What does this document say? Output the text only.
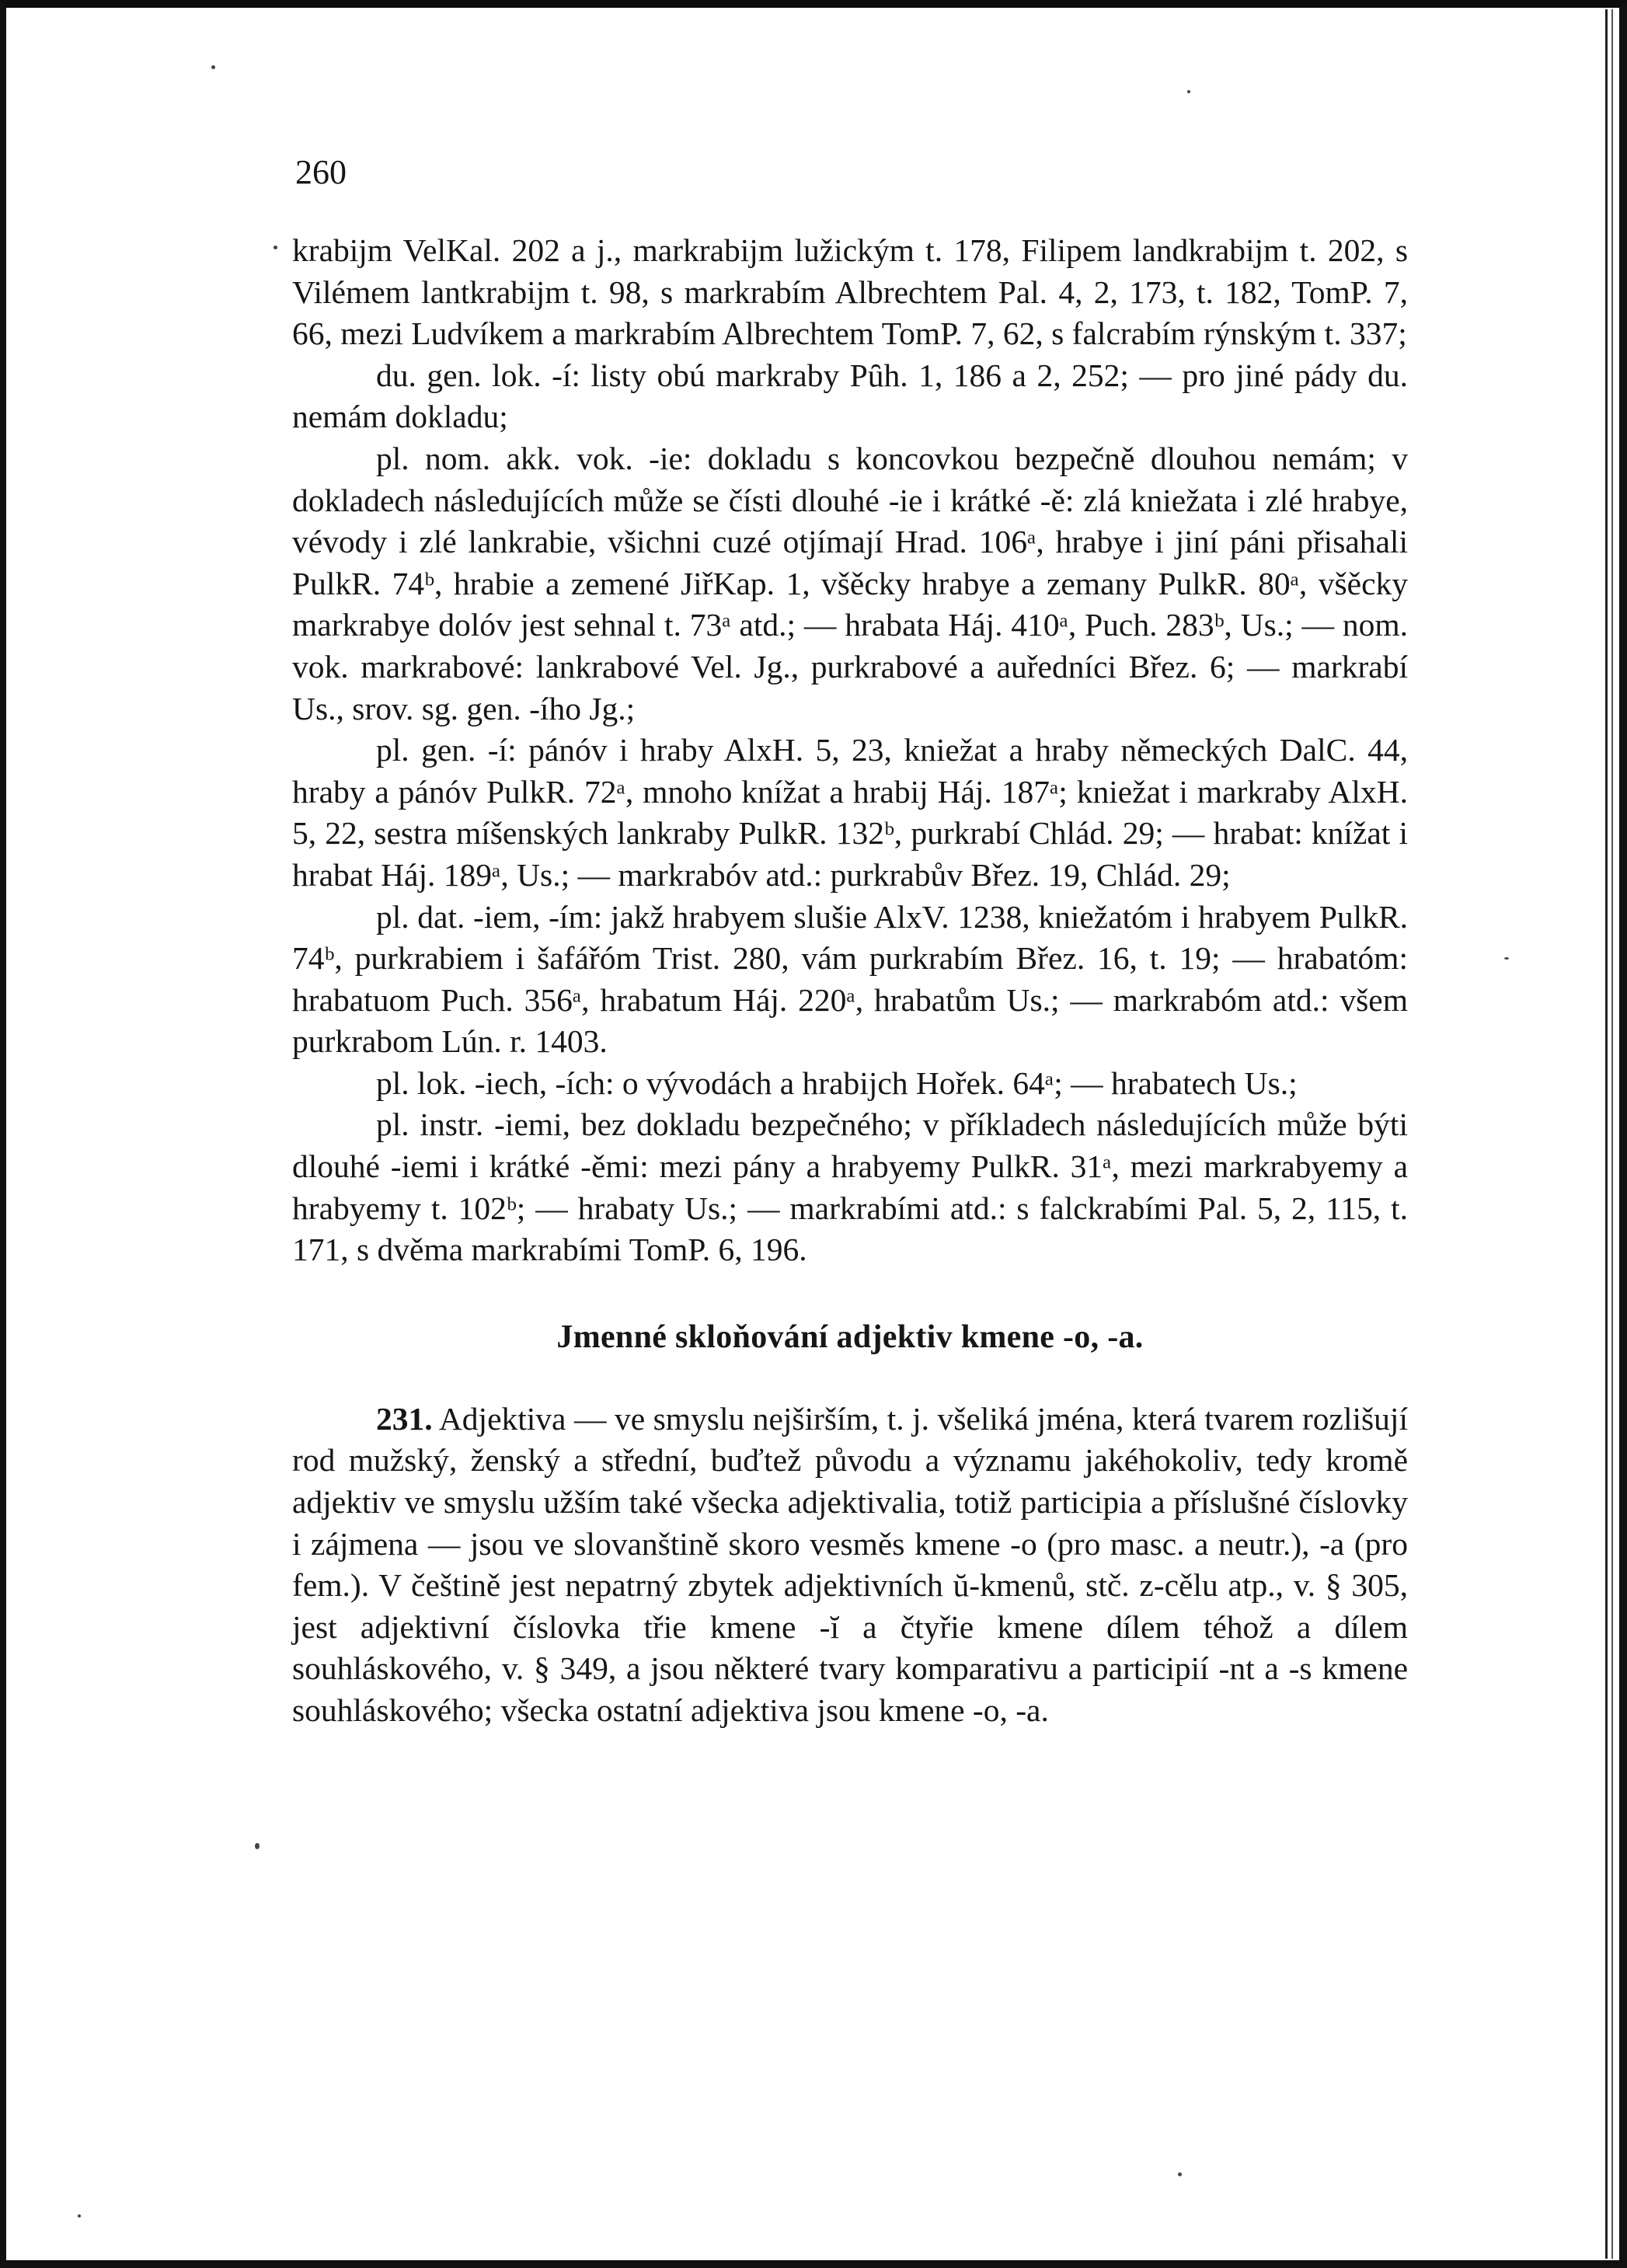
260

krabijm VelKal. 202 a j., markrabijm lužickým t. 178, Filipem landkrabijm t. 202, s Vilémem lantkrabijm t. 98, s markrabím Albrechtem Pal. 4, 2, 173, t. 182, TomP. 7, 66, mezi Ludvíkem a markrabím Albrechtem TomP. 7, 62, s falcrabím rýnským t. 337;

du. gen. lok. -í: listy obú markraby Pȗh. 1, 186 a 2, 252; — pro jiné pády du. nemám dokladu;

pl. nom. akk. vok. -ie: dokladu s koncovkou bezpečně dlouhou nemám; v dokladech následujících může se čísti dlouhé -ie i krátké -ě: zlá kniežata i zlé hrabye, vévody i zlé lankrabie, všichni cuzé otjímají Hrad. 106ᵃ, hrabye i jiní páni přisahali PulkR. 74ᵇ, hrabie a zemené JiřKap. 1, všěcky hrabye a zemany PulkR. 80ᵃ, všěcky markrabye dolóv jest sehnal t. 73ᵃ atd.; — hrabata Háj. 410ᵃ, Puch. 283ᵇ, Us.; — nom. vok. markrabové: lankrabové Vel. Jg., purkrabové a auředníci Břez. 6; — markrabí Us., srov. sg. gen. -ího Jg.;

pl. gen. -í: pánóv i hraby AlxH. 5, 23, kniežat a hraby německých DalC. 44, hraby a pánóv PulkR. 72ᵃ, mnoho knížat a hrabij Háj. 187ᵃ; kniežat i markraby AlxH. 5, 22, sestra míšenských lankraby PulkR. 132ᵇ, purkrabí Chlád. 29; — hrabat: knížat i hrabat Háj. 189ᵃ, Us.; — markrabóv atd.: purkrabův Břez. 19, Chlád. 29;

pl. dat. -iem, -ím: jakž hrabyem slušie AlxV. 1238, kniežatóm i hrabyem PulkR. 74ᵇ, purkrabiem i šafářóm Trist. 280, vám purkrabím Břez. 16, t. 19; — hrabatóm: hrabatuom Puch. 356ᵃ, hrabatum Háj. 220ᵃ, hrabatům Us.; — markrabóm atd.: všem purkrabom Lún. r. 1403.

pl. lok. -iech, -ích: o vývodách a hrabijch Hořek. 64ᵃ; — hrabatech Us.;

pl. instr. -iemi, bez dokladu bezpečného; v příkladech následujících může býti dlouhé -iemi i krátké -ěmi: mezi pány a hrabyemy PulkR. 31ᵃ, mezi markrabyemy a hrabyemy t. 102ᵇ; — hrabaty Us.; — markrabími atd.: s falckrabími Pal. 5, 2, 115, t. 171, s dvěma markrabími TomP. 6, 196.

Jmenné skloňování adjektiv kmene -o, -a.

231. Adjektiva — ve smyslu nejširším, t. j. všeliká jména, která tvarem rozlišují rod mužský, ženský a střední, buďtež původu a významu jakéhokoliv, tedy kromě adjektiv ve smyslu užším také všecka adjektivalia, totiž participia a příslušné číslovky i zájmena — jsou ve slovanštině skoro vesměs kmene -o (pro masc. a neutr.), -a (pro fem.). V češtině jest nepatrný zbytek adjektivních ŭ-kmenů, stč. z-cělu atp., v. § 305, jest adjektivní číslovka třie kmene -ĭ a čtyřie kmene dílem téhož a dílem souhláskového, v. § 349, a jsou některé tvary komparativu a participií -nt a -s kmene souhláskového; všecka ostatní adjektiva jsou kmene -o, -a.
